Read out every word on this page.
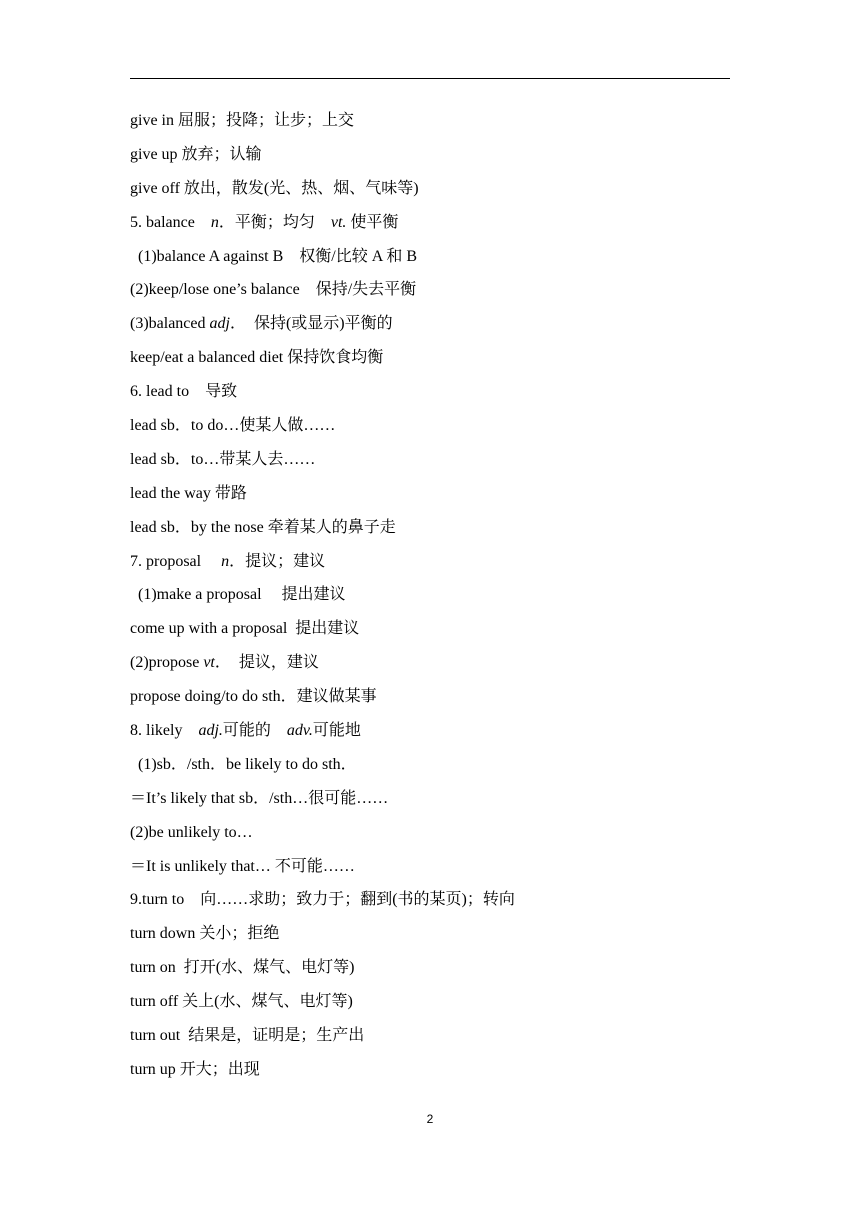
give in 屈服；投降；让步；上交
give up 放弃；认输
give off 放出，散发(光、热、烟、气味等)
5. balance　n．平衡；均匀　vt. 使平衡
(1)balance A against B　权衡/比较 A 和 B
(2)keep/lose one’s balance　保持/失去平衡
(3)balanced adj．　保持(或显示)平衡的
keep/eat a balanced diet 保持饮食均衡
6. lead to　导致
lead sb．to do…使某人做……
lead sb．to…带某人去……
lead the way 带路
lead sb．by the nose 牵着某人的鼻子走
7. proposal　 n．提议；建议
(1)make a proposal　 提出建议
come up with a proposal  提出建议
(2)propose vt．　提议，建议
propose doing/to do sth．建议做某事
8. likely　adj.可能的　adv.可能地
(1)sb．/sth．be likely to do sth．
＝It’s likely that sb．/sth…很可能……
(2)be unlikely to…
＝It is unlikely that… 不可能……
9.turn to　向……求助；致力于；翻到(书的某页)；转向
turn down 关小；拒绝
turn on  打开(水、煤气、电灯等)
turn off 关上(水、煤气、电灯等)
turn out  结果是，证明是；生产出
turn up 开大；出现
2
